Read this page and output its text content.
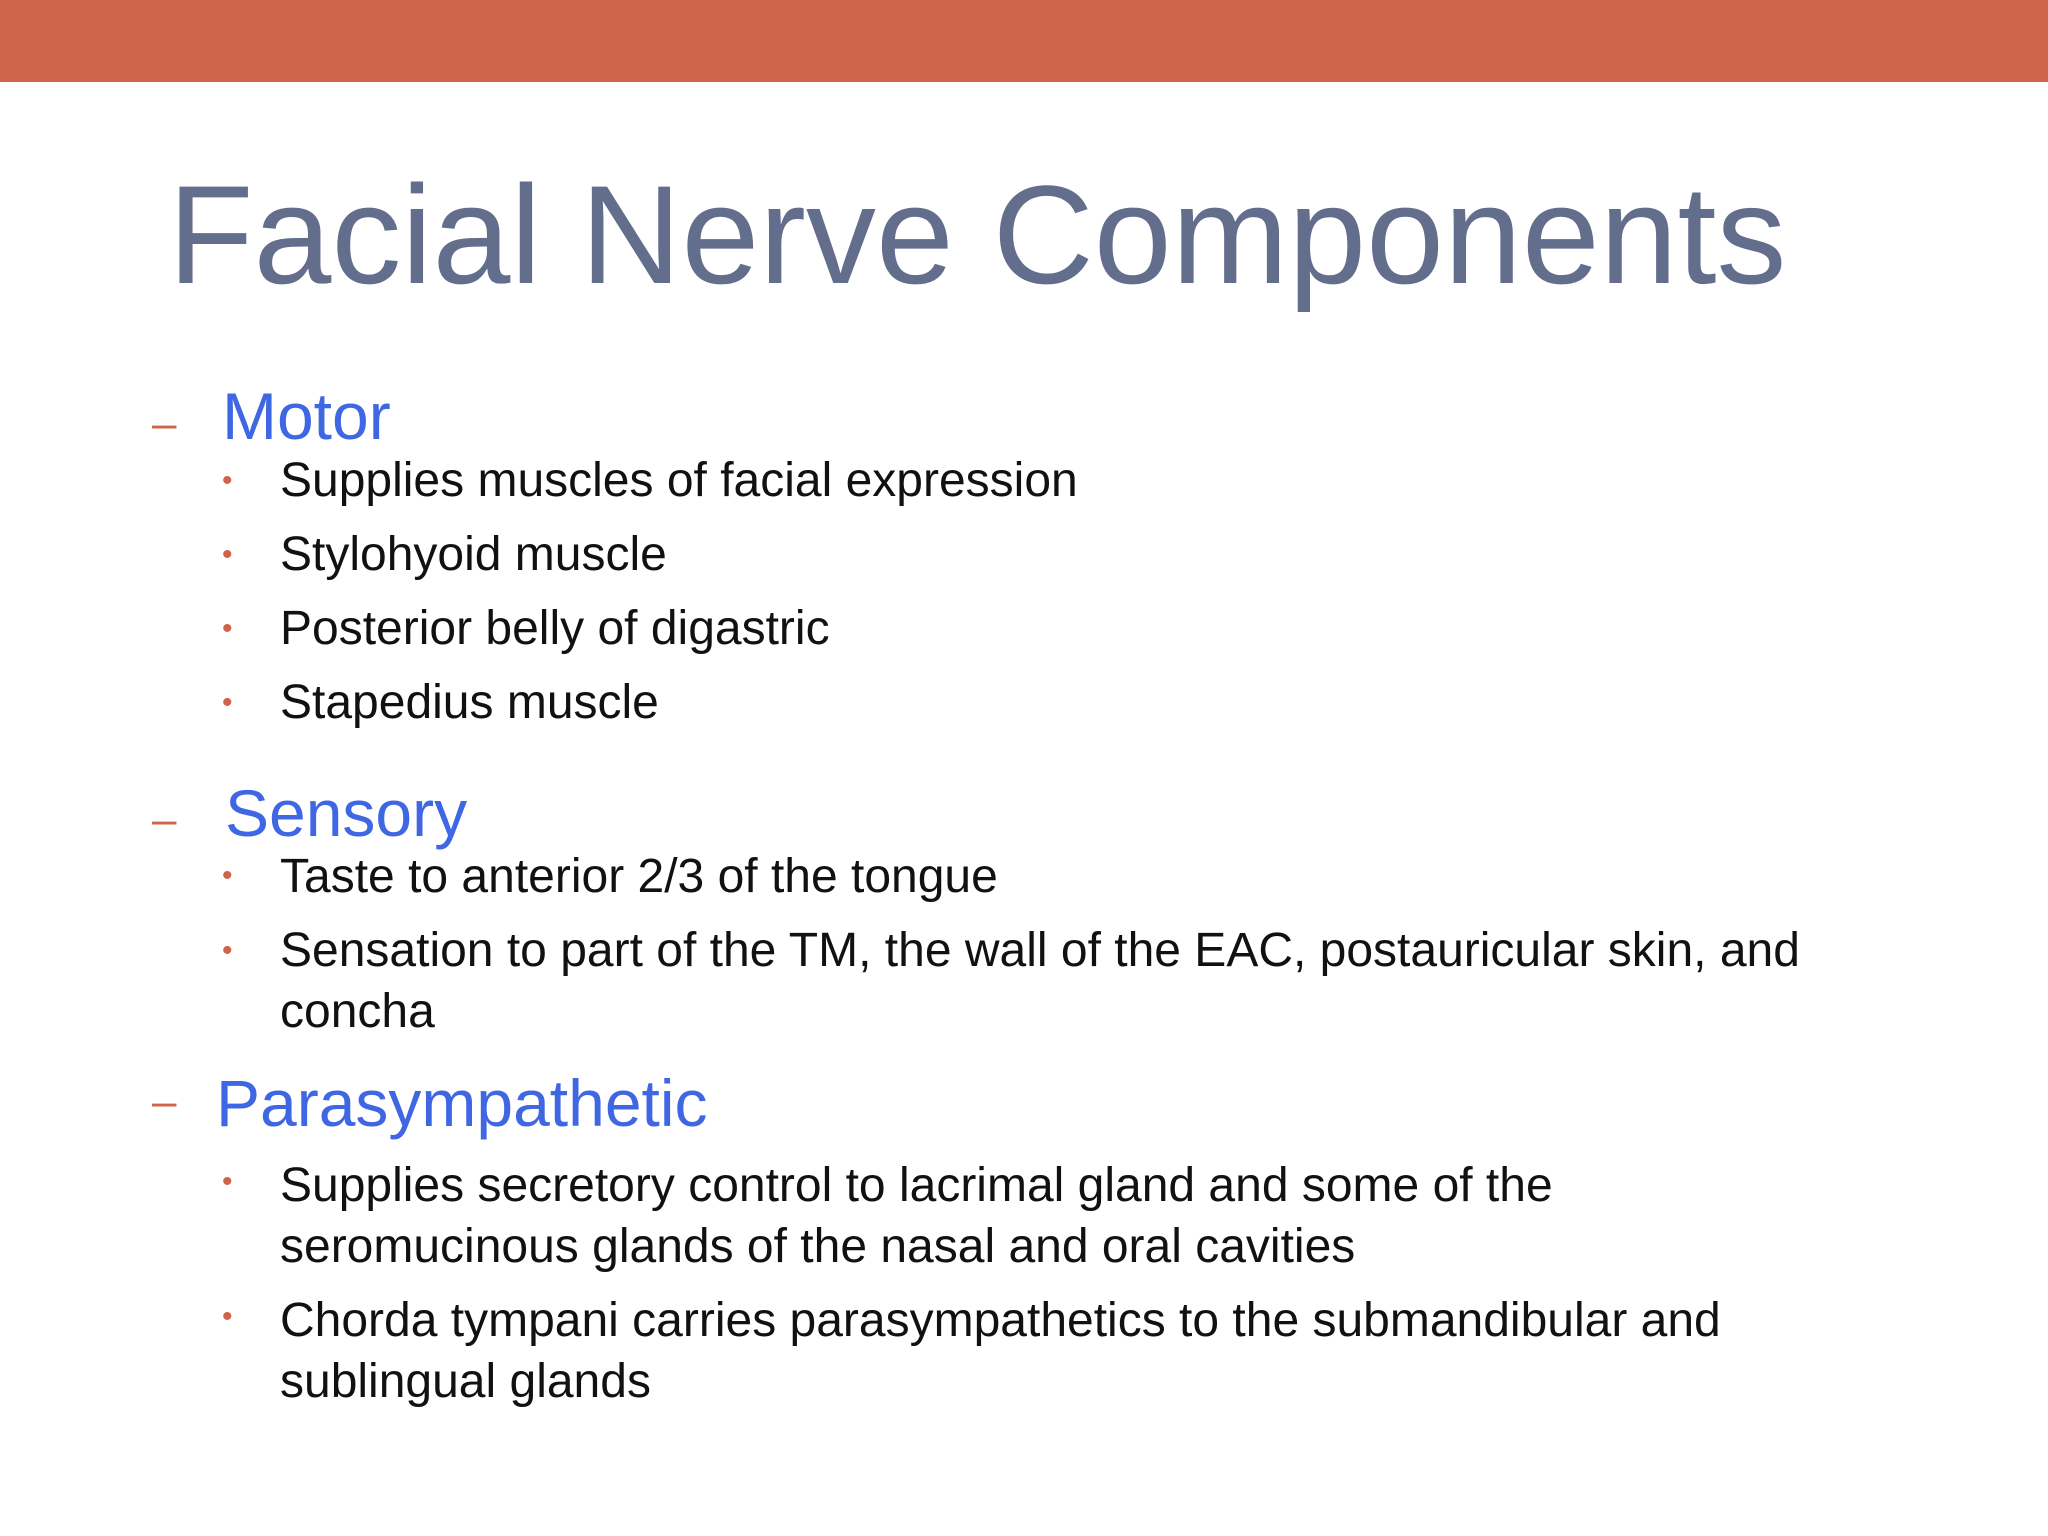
Facial Nerve Components
– Motor
• Supplies muscles of facial expression
• Stylohyoid muscle
• Posterior belly of digastric
• Stapedius muscle
– Sensory
• Taste to anterior 2/3 of the tongue
• Sensation to part of the TM, the wall of the EAC, postauricular skin, and concha
– Parasympathetic
• Supplies secretory control to lacrimal gland and some of the seromucinous glands of the nasal and oral cavities
• Chorda tympani carries parasympathetics to the submandibular and sublingual glands
